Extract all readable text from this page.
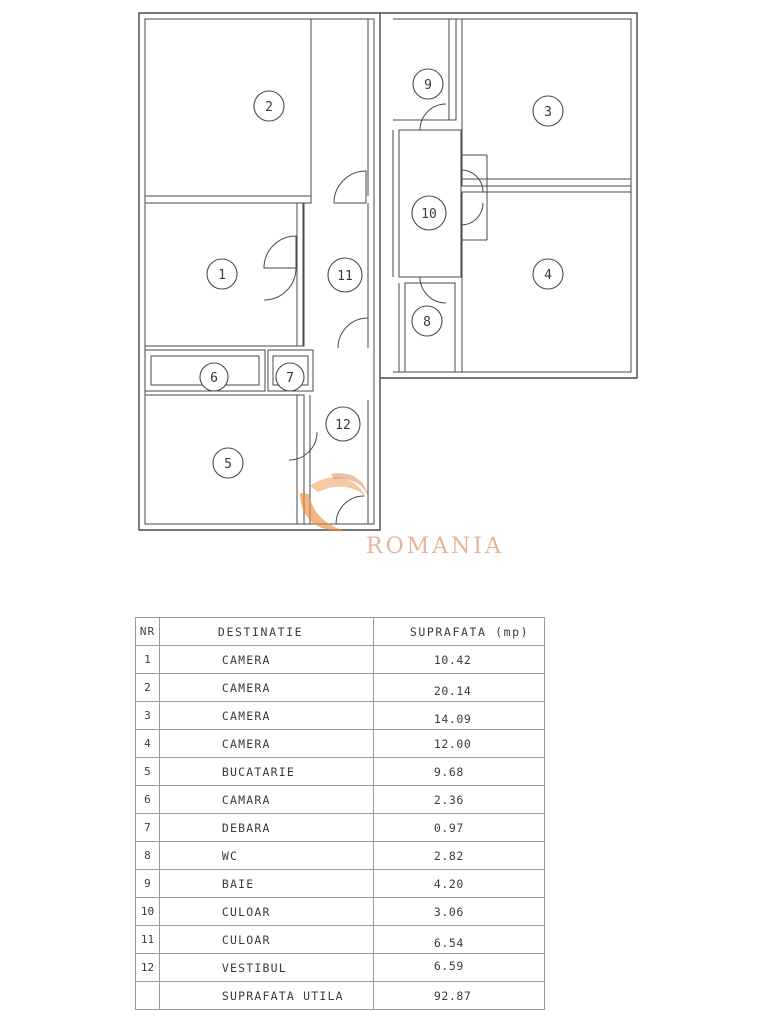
1
2	3
4
5
6	7
8
9
10
11
12
ROMANIA
NR	DESTINATIE	SUPRAFATA (mp)
1	CAMERA	10.42
2	CAMERA	20.14
3	CAMERA	14.09
4	CAMERA	12.00
5	BUCATARIE	9.68
6	CAMARA	2.36
7	DEBARA	0.97
8	WC	2.82
9	BAIE	4.20
10	CULOAR	3.06
11	CULOAR	6.54
12	VESTIBUL	6.59
	SUPRAFATA UTILA	92.87
